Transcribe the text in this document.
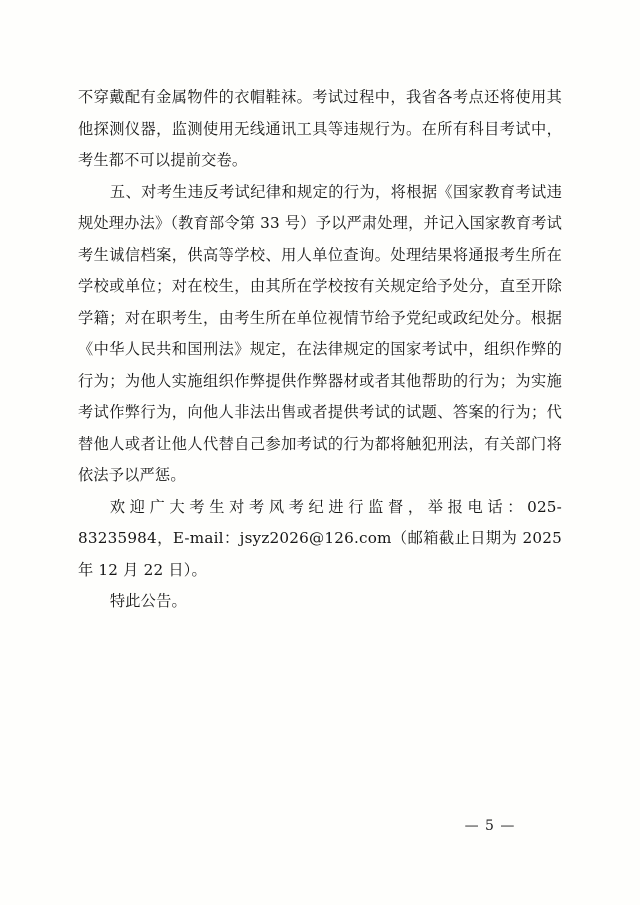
不穿戴配有金属物件的衣帽鞋袜。考试过程中，我省各考点还将使用其他探测仪器，监测使用无线通讯工具等违规行为。在所有科目考试中，考生都不可以提前交卷。

五、对考生违反考试纪律和规定的行为，将根据《国家教育考试违规处理办法》（教育部令第 33 号）予以严肃处理，并记入国家教育考试考生诚信档案，供高等学校、用人单位查询。处理结果将通报考生所在学校或单位；对在校生，由其所在学校按有关规定给予处分，直至开除学籍；对在职考生，由考生所在单位视情节给予党纪或政纪处分。根据《中华人民共和国刑法》规定，在法律规定的国家考试中，组织作弊的行为；为他人实施组织作弊提供作弊器材或者其他帮助的行为；为实施考试作弊行为，向他人非法出售或者提供考试的试题、答案的行为；代替他人或者让他人代替自己参加考试的行为都将触犯刑法，有关部门将依法予以严惩。

欢迎广大考生对考风考纪进行监督，举报电话：025-83235984，E-mail：jsyz2026@126.com（邮箱截止日期为 2025 年 12 月 22 日）。

特此公告。

— 5 —
